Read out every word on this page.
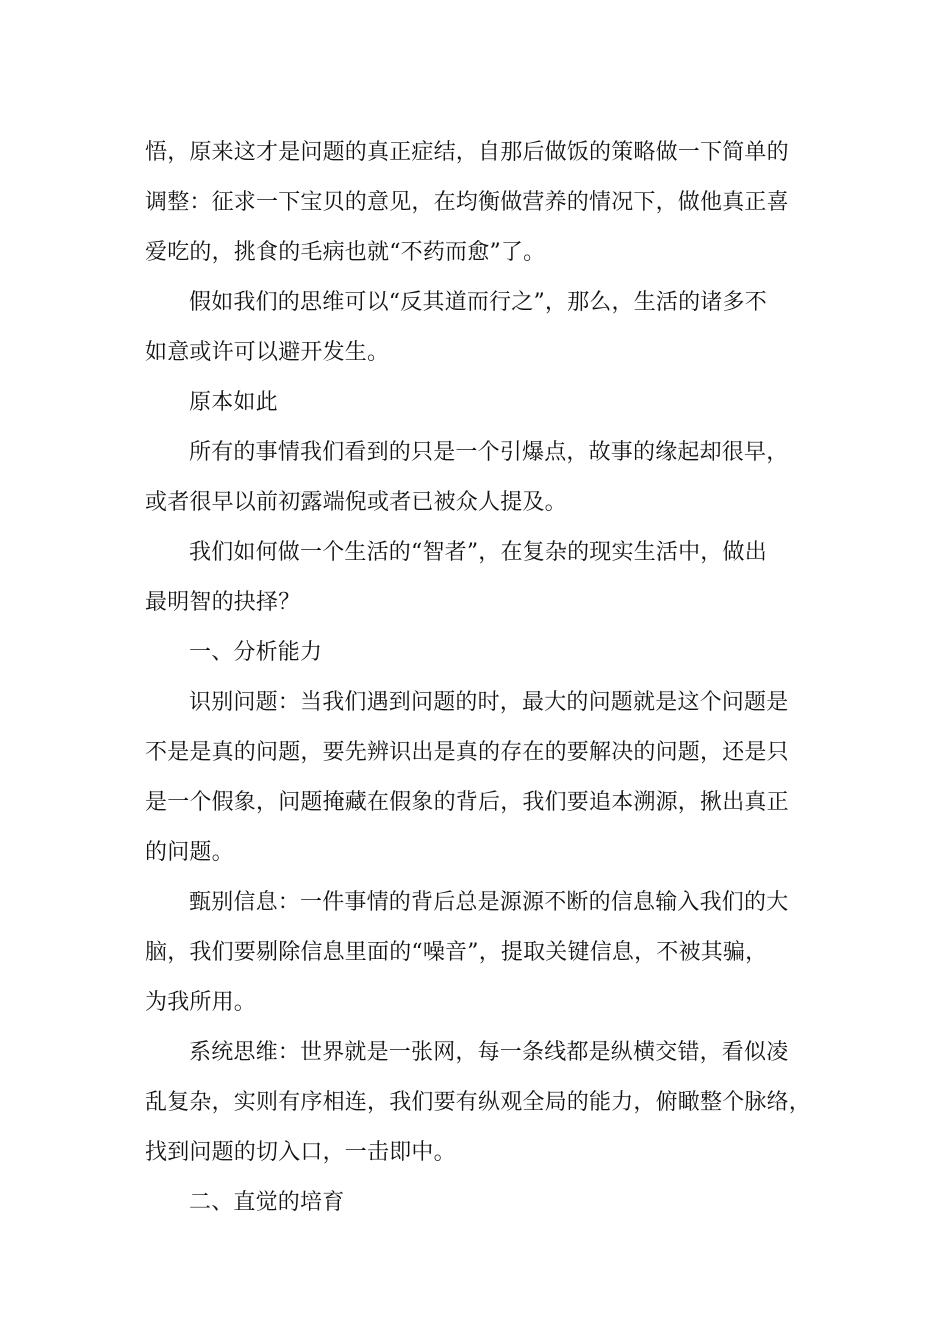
悟，原来这才是问题的真正症结，自那后做饭的策略做一下简单的
调整：征求一下宝贝的意见，在均衡做营养的情况下，做他真正喜
爱吃的，挑食的毛病也就“不药而愈”了。
假如我们的思维可以“反其道而行之”，那么，生活的诸多不
如意或许可以避开发生。
原本如此
所有的事情我们看到的只是一个引爆点，故事的缘起却很早，
或者很早以前初露端倪或者已被众人提及。
我们如何做一个生活的“智者”，在复杂的现实生活中，做出
最明智的抉择？
一、分析能力
识别问题：当我们遇到问题的时，最大的问题就是这个问题是
不是是真的问题，要先辨识出是真的存在的要解决的问题，还是只
是一个假象，问题掩藏在假象的背后，我们要追本溯源，揪出真正
的问题。
甄别信息：一件事情的背后总是源源不断的信息输入我们的大
脑，我们要剔除信息里面的“噪音”，提取关键信息，不被其骗，
为我所用。
系统思维：世界就是一张网，每一条线都是纵横交错，看似凌
乱复杂，实则有序相连，我们要有纵观全局的能力，俯瞰整个脉络，
找到问题的切入口，一击即中。
二、直觉的培育
